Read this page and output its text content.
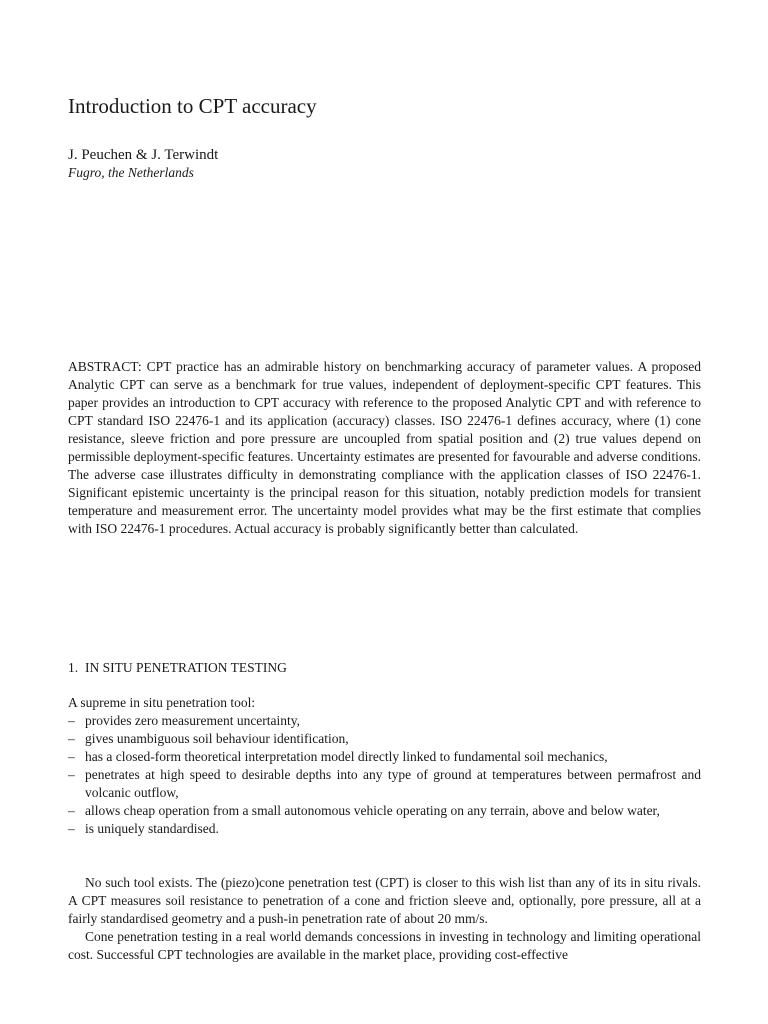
Introduction to CPT accuracy
J. Peuchen & J. Terwindt
Fugro, the Netherlands

ABSTRACT: CPT practice has an admirable history on benchmarking accuracy of parameter values. A proposed Analytic CPT can serve as a benchmark for true values, independent of deployment-specific CPT features. This paper provides an introduction to CPT accuracy with reference to the proposed Analytic CPT and with reference to CPT standard ISO 22476-1 and its application (accuracy) classes. ISO 22476-1 defines accuracy, where (1) cone resistance, sleeve friction and pore pressure are uncoupled from spatial position and (2) true values depend on permissible deployment-specific features. Uncertainty estimates are presented for favourable and adverse conditions. The adverse case illustrates difficulty in demonstrating compliance with the application classes of ISO 22476-1. Significant epistemic uncertainty is the principal reason for this situation, notably prediction models for transient temperature and measurement error. The uncertainty model provides what may be the first estimate that complies with ISO 22476-1 procedures. Actual accuracy is probably significantly better than calculated.

1. IN SITU PENETRATION TESTING
A supreme in situ penetration tool:
– provides zero measurement uncertainty,
– gives unambiguous soil behaviour identification,
– has a closed-form theoretical interpretation model directly linked to fundamental soil mechanics,
– penetrates at high speed to desirable depths into any type of ground at temperatures between permafrost and volcanic outflow,
– allows cheap operation from a small autonomous vehicle operating on any terrain, above and below water,
– is uniquely standardised.

No such tool exists. The (piezo)cone penetration test (CPT) is closer to this wish list than any of its in situ rivals. A CPT measures soil resistance to penetration of a cone and friction sleeve and, optionally, pore pressure, all at a fairly standardised geometry and a push-in penetration rate of about 20 mm/s.

Cone penetration testing in a real world demands concessions in investing in technology and limiting operational cost. Successful CPT technologies are available in the market place, providing cost-effective
